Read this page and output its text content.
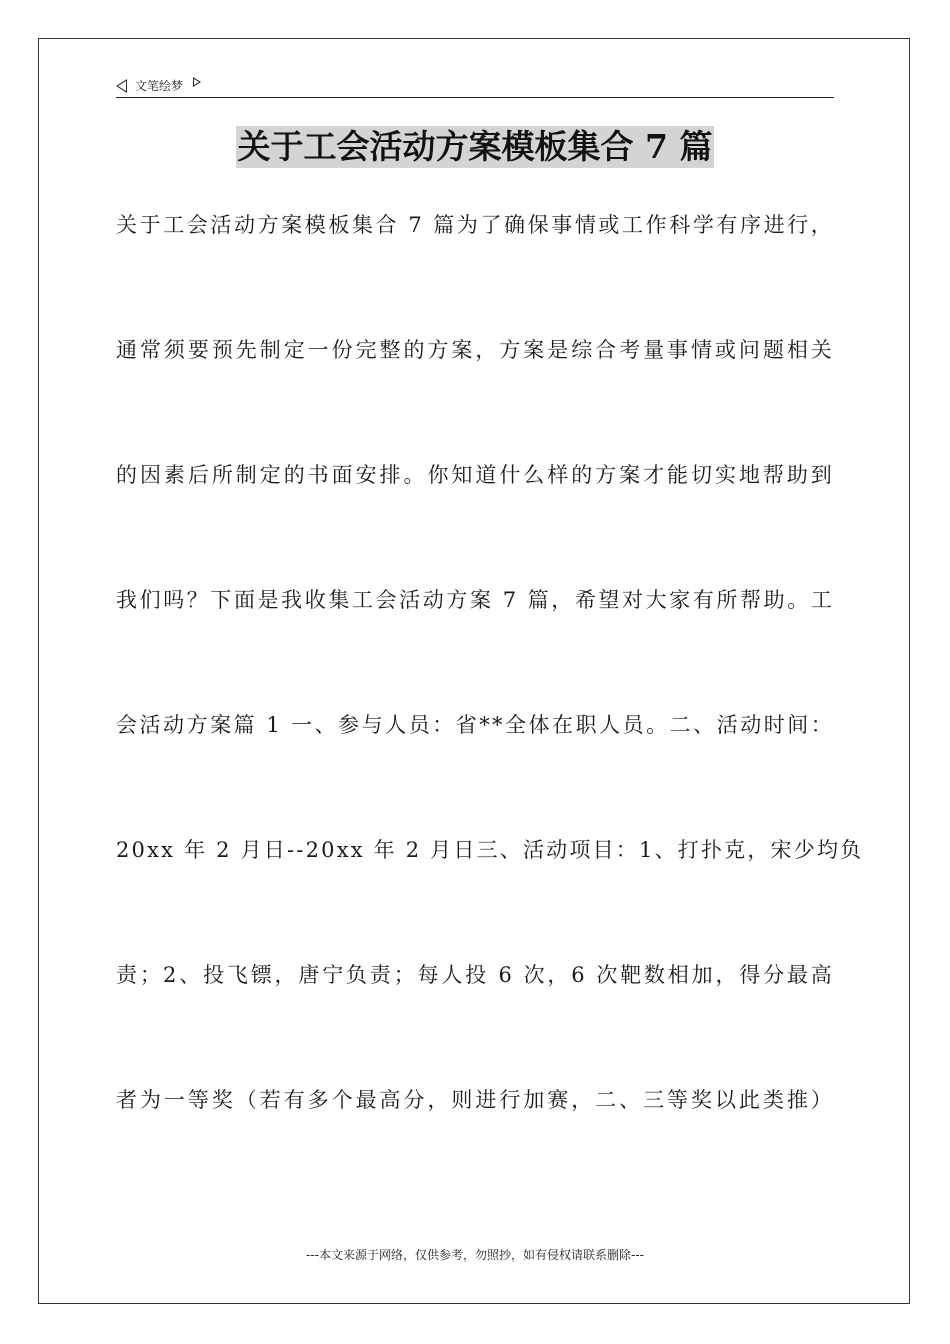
文笔绘梦
关于工会活动方案模板集合 7 篇
关于工会活动方案模板集合 7 篇为了确保事情或工作科学有序进行，
通常须要预先制定一份完整的方案，方案是综合考量事情或问题相关
的因素后所制定的书面安排。你知道什么样的方案才能切实地帮助到
我们吗？下面是我收集工会活动方案 7 篇，希望对大家有所帮助。工
会活动方案篇 1 一、参与人员：省**全体在职人员。二、活动时间：
20xx 年 2 月日--20xx 年 2 月日三、活动项目：1、打扑克，宋少均负
责；2、投飞镖，唐宁负责；每人投 6 次，6 次靶数相加，得分最高
者为一等奖（若有多个最高分，则进行加赛，二、三等奖以此类推）
---本文来源于网络，仅供参考，勿照抄，如有侵权请联系删除---
